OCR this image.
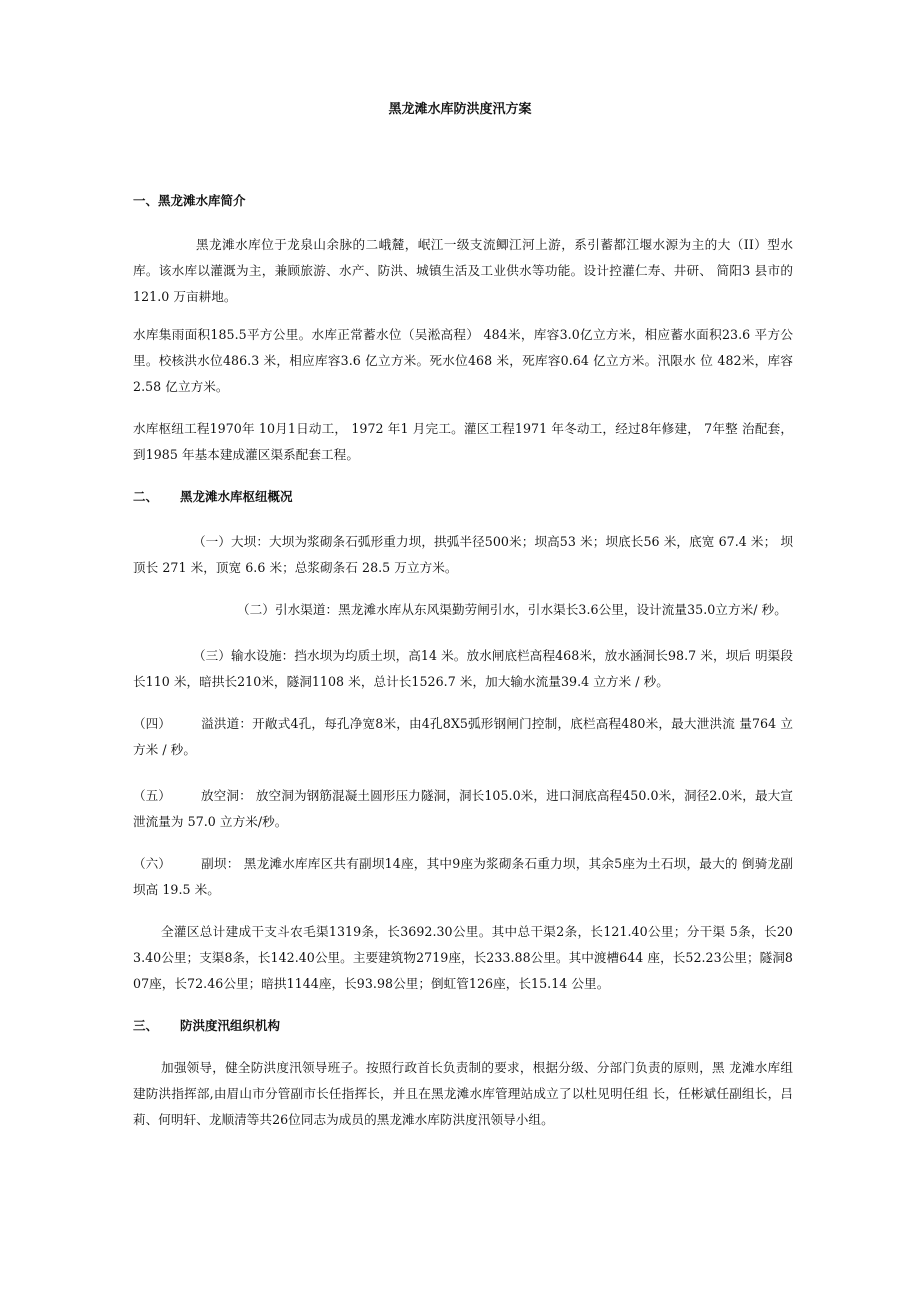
黑龙滩水库防洪度汛方案
一、黑龙滩水库简介
黑龙滩水库位于龙泉山余脉的二峨麓，岷江一级支流鲫江河上游，系引蓄都江堰水源为主的大（II）型水库。该水库以灌溉为主，兼顾旅游、水产、防洪、城镇生活及工业供水等功能。设计控灌仁寿、井研、 简阳3 县市的 121.0 万亩耕地。
水库集雨面积185.5平方公里。水库正常蓄水位（吴淞高程） 484米，库容3.0亿立方米，相应蓄水面积23.6 平方公里。校核洪水位486.3 米，相应库容3.6 亿立方米。死水位468 米，死库容0.64 亿立方米。汛限水 位 482米，库容2.58 亿立方米。
水库枢纽工程1970年 10月1日动工， 1972 年1 月完工。灌区工程1971 年冬动工，经过8年修建， 7年整 治配套，到1985 年基本建成灌区渠系配套工程。
二、 黑龙滩水库枢纽概况
（一）大坝：大坝为浆砌条石弧形重力坝，拱弧半径500米；坝高53 米；坝底长56 米，底宽 67.4 米； 坝顶长 271 米，顶宽 6.6 米；总浆砌条石 28.5 万立方米。
（二）引水渠道：黑龙滩水库从东风渠勤劳闸引水，引水渠长3.6公里，设计流量35.0立方米/ 秒。
（三）输水设施：挡水坝为均质土坝，高14 米。放水闸底栏高程468米，放水涵洞长98.7 米，坝后 明渠段长110 米，暗拱长210米，隧洞1108 米，总计长1526.7 米，加大输水流量39.4 立方米 / 秒。
（四） 溢洪道：开敞式4孔，每孔净宽8米，由4孔8X5弧形钢闸门控制，底栏高程480米，最大泄洪流 量764 立方米 / 秒。
（五） 放空洞： 放空洞为钢筋混凝土圆形压力隧洞，洞长105.0米，进口洞底高程450.0米，洞径2.0米，最大宣泄流量为 57.0 立方米/秒。
（六） 副坝： 黑龙滩水库库区共有副坝14座，其中9座为浆砌条石重力坝，其余5座为土石坝，最大的 倒骑龙副坝高 19.5 米。
全灌区总计建成干支斗农毛渠1319条，长3692.30公里。其中总干渠2条，长121.40公里；分干渠 5条，长203.40公里；支渠8条，长142.40公里。主要建筑物2719座，长233.88公里。其中渡槽644 座，长52.23公里；隧洞807座，长72.46公里；暗拱1144座，长93.98公里；倒虹管126座，长15.14 公里。
三、 防洪度汛组织机构
加强领导，健全防洪度汛领导班子。按照行政首长负责制的要求，根据分级、分部门负责的原则，黑 龙滩水库组建防洪指挥部,由眉山市分管副市长任指挥长，并且在黑龙滩水库管理站成立了以杜见明任组 长，任彬斌任副组长，吕莉、何明轩、龙顺清等共26位同志为成员的黑龙滩水库防洪度汛领导小组。
